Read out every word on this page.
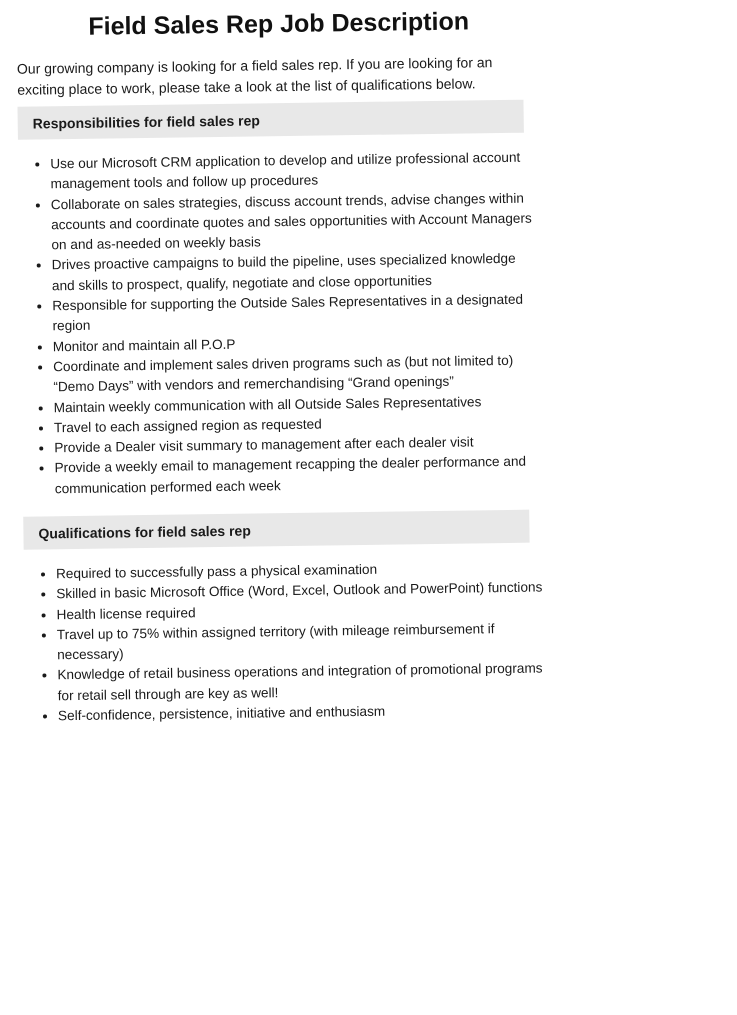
Field Sales Rep Job Description

Our growing company is looking for a field sales rep. If you are looking for an exciting place to work, please take a look at the list of qualifications below.

Responsibilities for field sales rep
• Use our Microsoft CRM application to develop and utilize professional account management tools and follow up procedures
• Collaborate on sales strategies, discuss account trends, advise changes within accounts and coordinate quotes and sales opportunities with Account Managers on and as-needed on weekly basis
• Drives proactive campaigns to build the pipeline, uses specialized knowledge and skills to prospect, qualify, negotiate and close opportunities
• Responsible for supporting the Outside Sales Representatives in a designated region
• Monitor and maintain all P.O.P
• Coordinate and implement sales driven programs such as (but not limited to) “Demo Days” with vendors and remerchandising “Grand openings”
• Maintain weekly communication with all Outside Sales Representatives
• Travel to each assigned region as requested
• Provide a Dealer visit summary to management after each dealer visit
• Provide a weekly email to management recapping the dealer performance and communication performed each week
Qualifications for field sales rep
• Required to successfully pass a physical examination
• Skilled in basic Microsoft Office (Word, Excel, Outlook and PowerPoint) functions
• Health license required
• Travel up to 75% within assigned territory (with mileage reimbursement if necessary)
• Knowledge of retail business operations and integration of promotional programs for retail sell through are key as well!
• Self-confidence, persistence, initiative and enthusiasm
